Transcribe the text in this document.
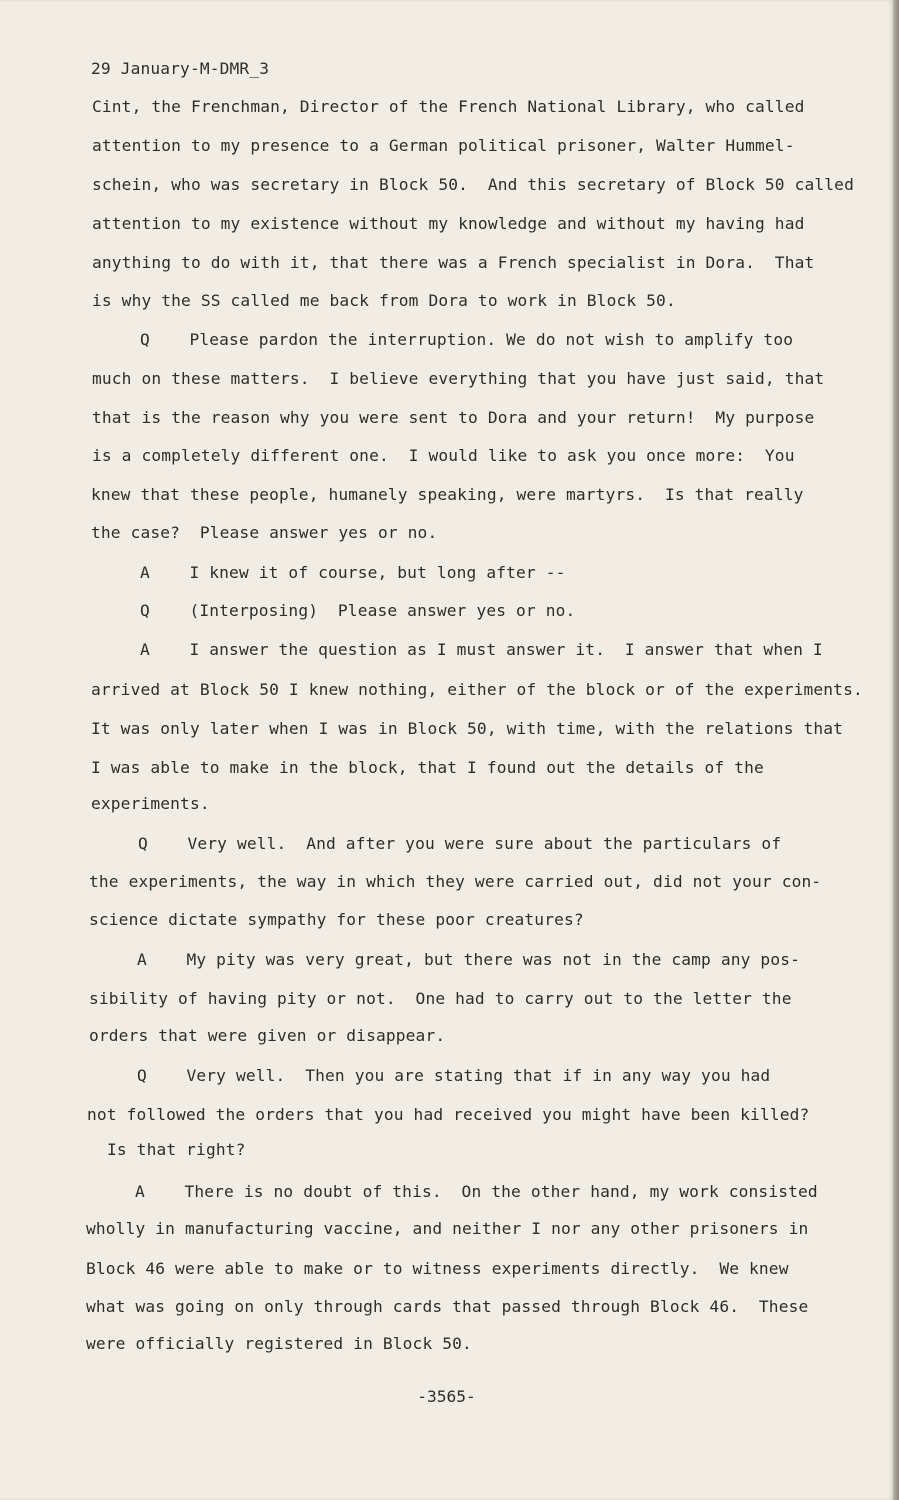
29 January-M-DMR_3
Cint, the Frenchman, Director of the French National Library, who called
attention to my presence to a German political prisoner, Walter Hummel-
schein, who was secretary in Block 50.  And this secretary of Block 50 called
attention to my existence without my knowledge and without my having had
anything to do with it, that there was a French specialist in Dora.  That
is why the SS called me back from Dora to work in Block 50.
Q    Please pardon the interruption. We do not wish to amplify too
much on these matters.  I believe everything that you have just said, that
that is the reason why you were sent to Dora and your return!  My purpose
is a completely different one.  I would like to ask you once more:  You
knew that these people, humanely speaking, were martyrs.  Is that really
the case?  Please answer yes or no.
A    I knew it of course, but long after --
Q    (Interposing)  Please answer yes or no.
A    I answer the question as I must answer it.  I answer that when I
arrived at Block 50 I knew nothing, either of the block or of the experiments.
It was only later when I was in Block 50, with time, with the relations that
I was able to make in the block, that I found out the details of the
experiments.
Q    Very well.  And after you were sure about the particulars of
the experiments, the way in which they were carried out, did not your con-
science dictate sympathy for these poor creatures?
A    My pity was very great, but there was not in the camp any pos-
sibility of having pity or not.  One had to carry out to the letter the
orders that were given or disappear.
Q    Very well.  Then you are stating that if in any way you had
not followed the orders that you had received you might have been killed?
Is that right?
A    There is no doubt of this.  On the other hand, my work consisted
wholly in manufacturing vaccine, and neither I nor any other prisoners in
Block 46 were able to make or to witness experiments directly.  We knew
what was going on only through cards that passed through Block 46.  These
were officially registered in Block 50.
-3565-
